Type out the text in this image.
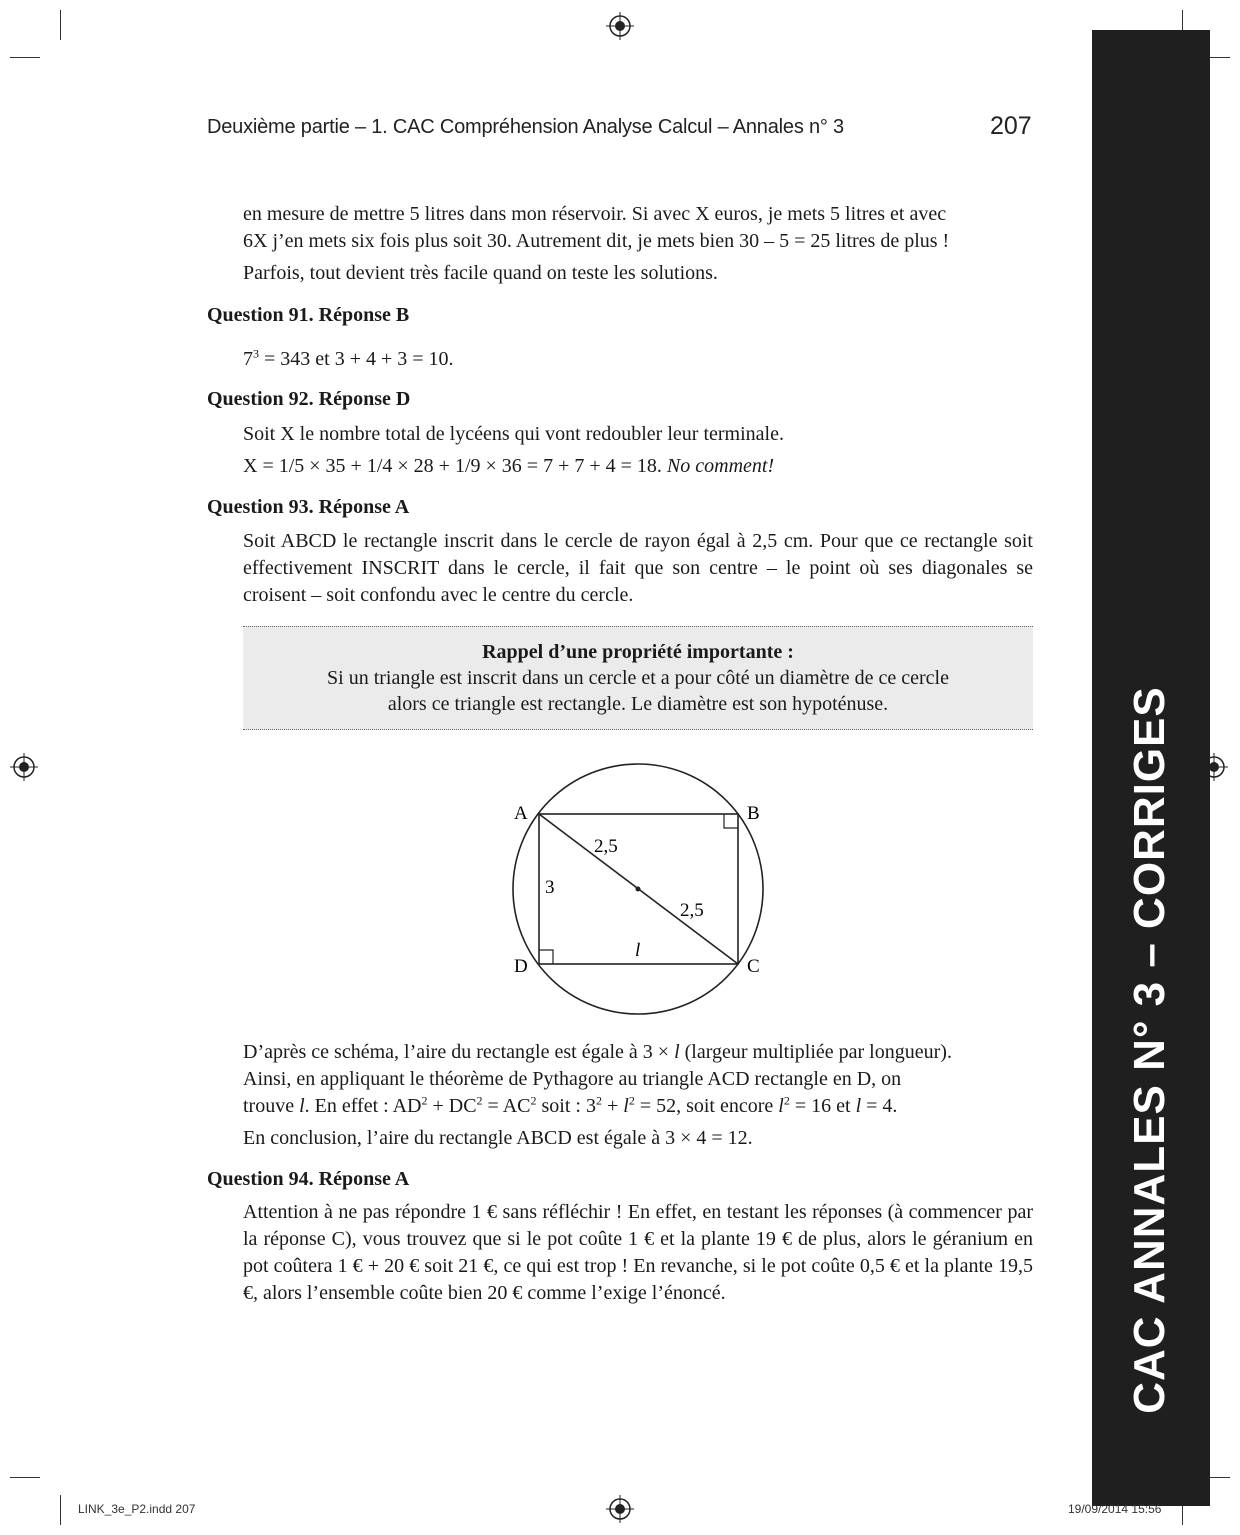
CAC ANNALES N° 3 – CORRIGES
Deuxième partie – 1. CAC Compréhension Analyse Calcul – Annales n° 3	207
en mesure de mettre 5 litres dans mon réservoir. Si avec X euros, je mets 5 litres et avec
6X j’en mets six fois plus soit 30. Autrement dit, je mets bien 30 – 5 = 25 litres de plus !
Parfois, tout devient très facile quand on teste les solutions.
Question 91. Réponse B
$7^3 = 343$ et 3 + 4 + 3 = 10.
Question 92. Réponse D
Soit X le nombre total de lycéens qui vont redoubler leur terminale.
X = 1/5 × 35 + 1/4 × 28 + 1/9 × 36 = 7 + 7 + 4 = 18. No comment!
Question 93. Réponse A
Soit ABCD le rectangle inscrit dans le cercle de rayon égal à 2,5 cm. Pour que ce rectangle soit effectivement INSCRIT dans le cercle, il fait que son centre – le point où ses diagonales se croisent – soit confondu avec le centre du cercle.
Rappel d’une propriété importante :
Si un triangle est inscrit dans un cercle et a pour côté un diamètre de ce cercle
alors ce triangle est rectangle. Le diamètre est son hypoténuse.
A	B
C
D
3
2,5
2,5
l
D’après ce schéma, l’aire du rectangle est égale à 3 × l (largeur multipliée par longueur).
Ainsi, en appliquant le théorème de Pythagore au triangle ACD rectangle en D, on
trouve l. En effet : $AD^2 + DC^2 = AC^2$ soit : $3^2 + l^2 = 52$, soit encore $l^2 = 16$ et l = 4.
En conclusion, l’aire du rectangle ABCD est égale à 3 × 4 = 12.
Question 94. Réponse A
Attention à ne pas répondre 1 € sans réfléchir ! En effet, en testant les réponses (à commencer par la réponse C), vous trouvez que si le pot coûte 1 € et la plante 19 € de plus, alors le géranium en pot coûtera 1 € + 20 € soit 21 €, ce qui est trop ! En revanche, si le pot coûte 0,5 € et la plante 19,5 €, alors l’ensemble coûte bien 20 € comme l’exige l’énoncé.
LINK_3e_P2.indd 207	19/09/2014 15:56
